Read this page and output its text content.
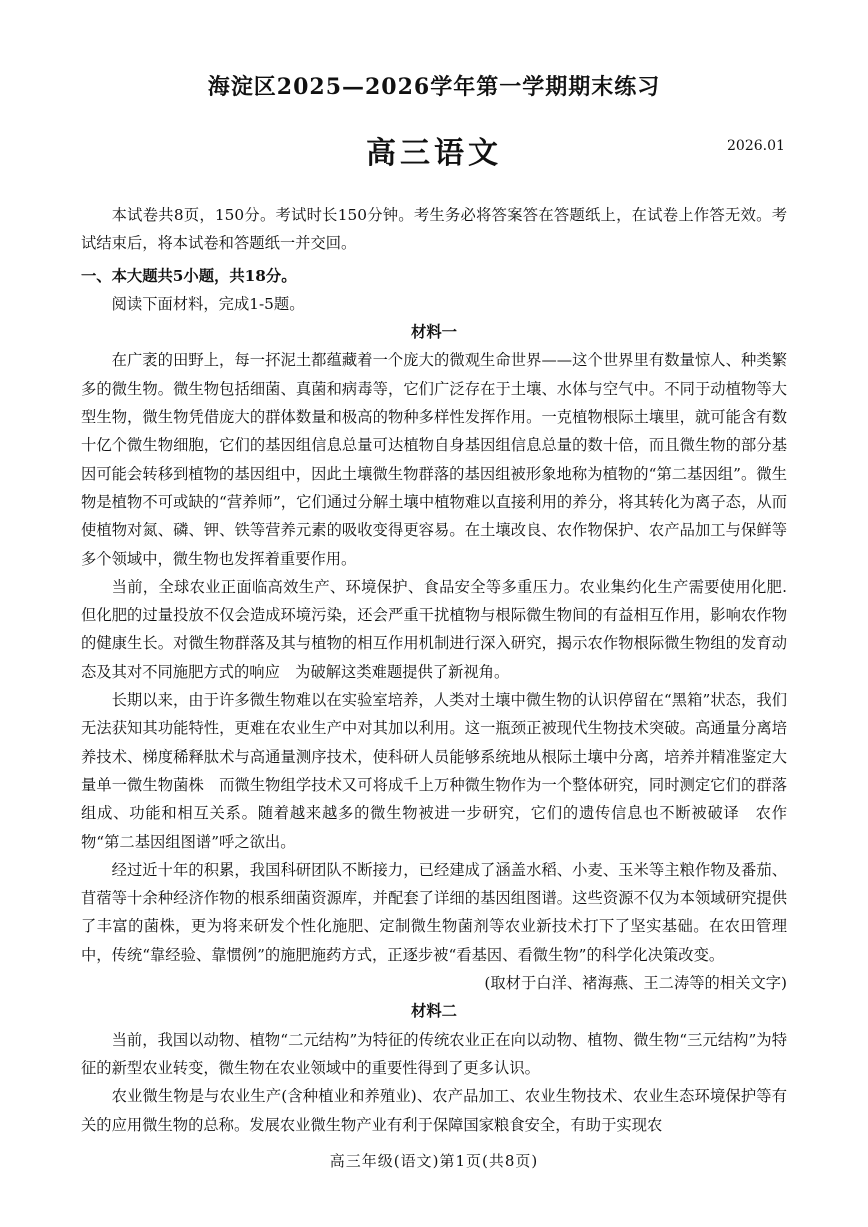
海淀区2025—2026学年第一学期期末练习
高三语文	2026.01

本试卷共8页，150分。考试时长150分钟。考生务必将答案答在答题纸上，在试卷上作答无效。考试结束后，将本试卷和答题纸一并交回。

一、本大题共5小题，共18分。

阅读下面材料，完成1-5题。

材料一

在广袤的田野上，每一抔泥土都蕴藏着一个庞大的微观生命世界——这个世界里有数量惊人、种类繁多的微生物。微生物包括细菌、真菌和病毒等，它们广泛存在于土壤、水体与空气中。不同于动植物等大型生物，微生物凭借庞大的群体数量和极高的物种多样性发挥作用。一克植物根际土壤里，就可能含有数十亿个微生物细胞，它们的基因组信息总量可达植物自身基因组信息总量的数十倍，而且微生物的部分基因可能会转移到植物的基因组中，因此土壤微生物群落的基因组被形象地称为植物的“第二基因组”。微生物是植物不可或缺的“营养师”，它们通过分解土壤中植物难以直接利用的养分，将其转化为离子态，从而使植物对氮、磷、钾、铁等营养元素的吸收变得更容易。在土壤改良、农作物保护、农产品加工与保鲜等多个领域中，微生物也发挥着重要作用。

当前，全球农业正面临高效生产、环境保护、食品安全等多重压力。农业集约化生产需要使用化肥.但化肥的过量投放不仅会造成环境污染，还会严重干扰植物与根际微生物间的有益相互作用，影响农作物的健康生长。对微生物群落及其与植物的相互作用机制进行深入研究，揭示农作物根际微生物组的发育动态及其对不同施肥方式的响应　为破解这类难题提供了新视角。

长期以来，由于许多微生物难以在实验室培养，人类对土壤中微生物的认识停留在“黑箱”状态，我们无法获知其功能特性，更难在农业生产中对其加以利用。这一瓶颈正被现代生物技术突破。高通量分离培养技术、梯度稀释肽术与高通量测序技术，使科研人员能够系统地从根际土壤中分离，培养并精准鉴定大量单一微生物菌株　而微生物组学技术又可将成千上万种微生物作为一个整体研究，同时测定它们的群落组成、功能和相互关系。随着越来越多的微生物被进一步研究，它们的遗传信息也不断被破译　农作物“第二基因组图谱”呼之欲出。

经过近十年的积累，我国科研团队不断接力，已经建成了涵盖水稻、小麦、玉米等主粮作物及番茄、苜蓿等十余种经济作物的根系细菌资源库，并配套了详细的基因组图谱。这些资源不仅为本领域研究提供了丰富的菌株，更为将来研发个性化施肥、定制微生物菌剂等农业新技术打下了坚实基础。在农田管理中，传统“靠经验、靠惯例”的施肥施药方式，正逐步被“看基因、看微生物”的科学化决策改变。

(取材于白洋、褚海燕、王二涛等的相关文字)

材料二

当前，我国以动物、植物“二元结构”为特征的传统农业正在向以动物、植物、微生物“三元结构”为特征的新型农业转变，微生物在农业领域中的重要性得到了更多认识。

农业微生物是与农业生产(含种植业和养殖业)、农产品加工、农业生物技术、农业生态环境保护等有关的应用微生物的总称。发展农业微生物产业有利于保障国家粮食安全，有助于实现农

高三年级(语文)第1页(共8页)
